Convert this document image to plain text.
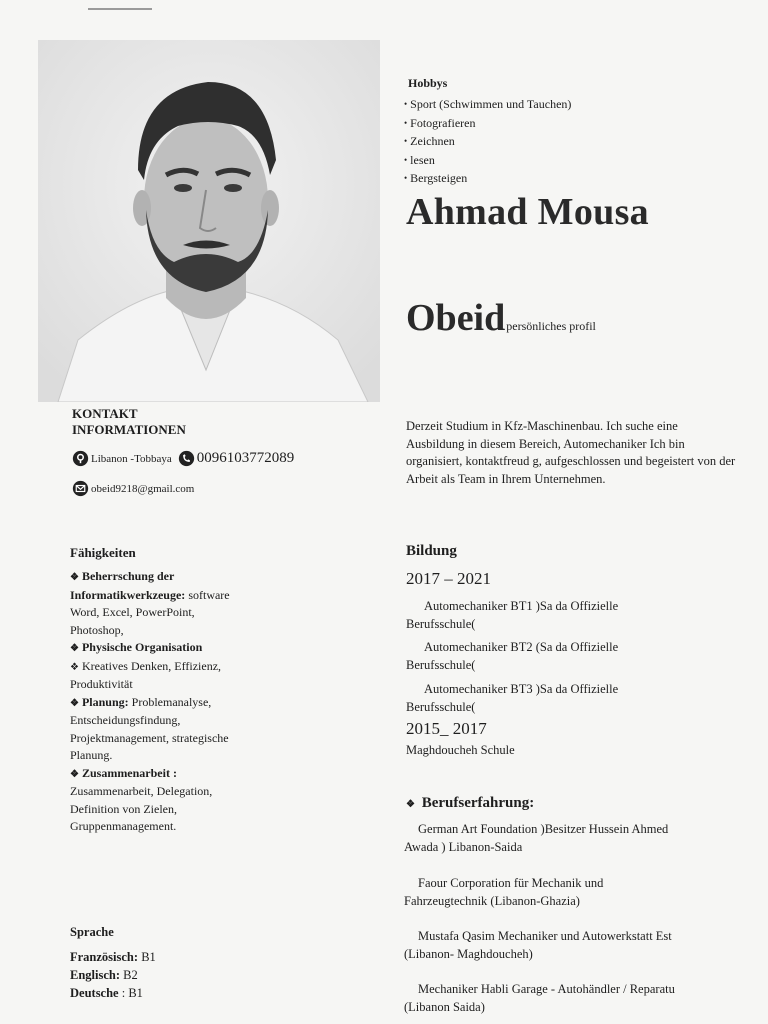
Hobbys
• Sport (Schwimmen und Tauchen)
• Fotografieren
• Zeichnen
• lesen
• Bergsteigen
Ahmad Mousa
Obeidpersönliches profil
KONTAKT INFORMATIONEN
Libanon -Tobbaya 0096103772089
obeid9218@gmail.com
Derzeit Studium in Kfz-Maschinenbau. Ich suche eine Ausbildung in diesem Bereich, Automechaniker Ich bin organisiert, kontaktfreud g, aufgeschlossen und begeistert von der Arbeit als Team in Ihrem Unternehmen.
Fähigkeiten
❖ Beherrschung der Informatikwerkzeuge: software Word, Excel, PowerPoint, Photoshop,
❖ Physische Organisation
❖ Kreatives Denken, Effizienz, Produktivität
❖ Planung: Problemanalyse, Entscheidungsfindung, Projektmanagement, strategische Planung.
❖ Zusammenarbeit : Zusammenarbeit, Delegation, Definition von Zielen, Gruppenmanagement.
Sprache
Französisch: B1
Englisch: B2
Deutsche : B1
Bildung
2017 – 2021
Automechaniker BT1 )Sa da Offizielle
Berufsschule(
Automechaniker BT2 (Sa da Offizielle
Berufsschule(
Automechaniker BT3 )Sa da Offizielle
Berufsschule(
2015_ 2017
Maghdoucheh Schule
❖ Berufserfahrung:
German Art Foundation )Besitzer Hussein Ahmed
Awada ) Libanon-Saida
Faour Corporation für Mechanik und
Fahrzeugtechnik (Libanon-Ghazia)
Mustafa Qasim Mechaniker und Autowerkstatt Est
(Libanon- Maghdoucheh)
Mechaniker Habli Garage - Autohändler / Reparatu
(Libanon Saida)
